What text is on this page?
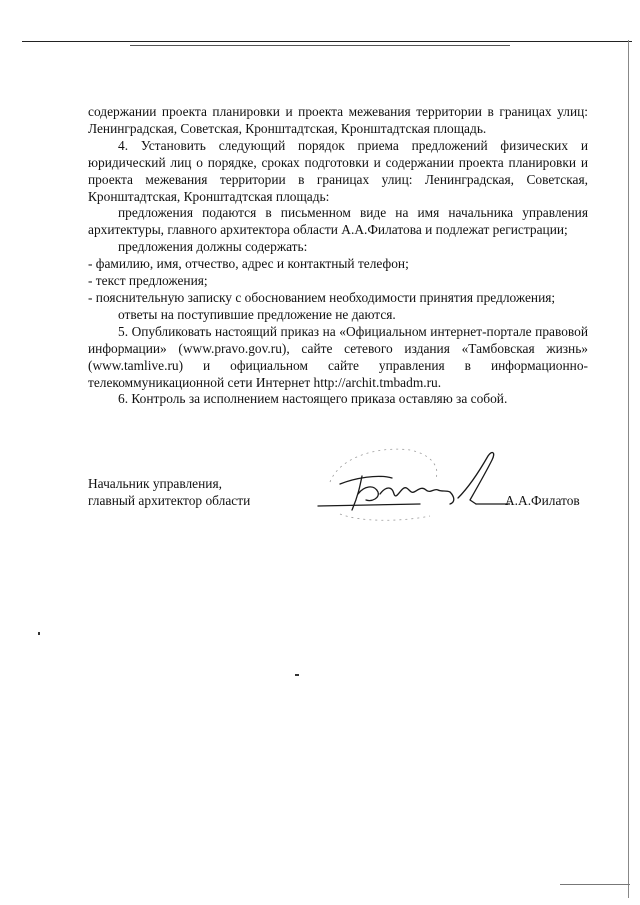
содержании проекта планировки и проекта межевания территории в границах улиц: Ленинградская, Советская, Кронштадтская, Кронштадтская площадь.

4. Установить следующий порядок приема предложений физических и юридический лиц о порядке, сроках подготовки и содержании проекта планировки и проекта межевания территории в границах улиц: Ленинградская, Советская, Кронштадтская, Кронштадтская площадь:

предложения подаются в письменном виде на имя начальника управления архитектуры, главного архитектора области А.А.Филатова и подлежат регистрации;

предложения должны содержать:

- фамилию, имя, отчество, адрес и контактный телефон;

- текст предложения;

- пояснительную записку с обоснованием необходимости принятия предложения;

ответы на поступившие предложение не даются.

5. Опубликовать настоящий приказ на «Официальном интернет-портале правовой информации» (www.pravo.gov.ru), сайте сетевого издания «Тамбовская жизнь» (www.tamlive.ru) и официальном сайте управления в информационно-телекоммуникационной сети Интернет http://archit.tmbadm.ru.

6. Контроль за исполнением настоящего приказа оставляю за собой.

Начальник управления,
главный архитектор области	А.А.Филатов
